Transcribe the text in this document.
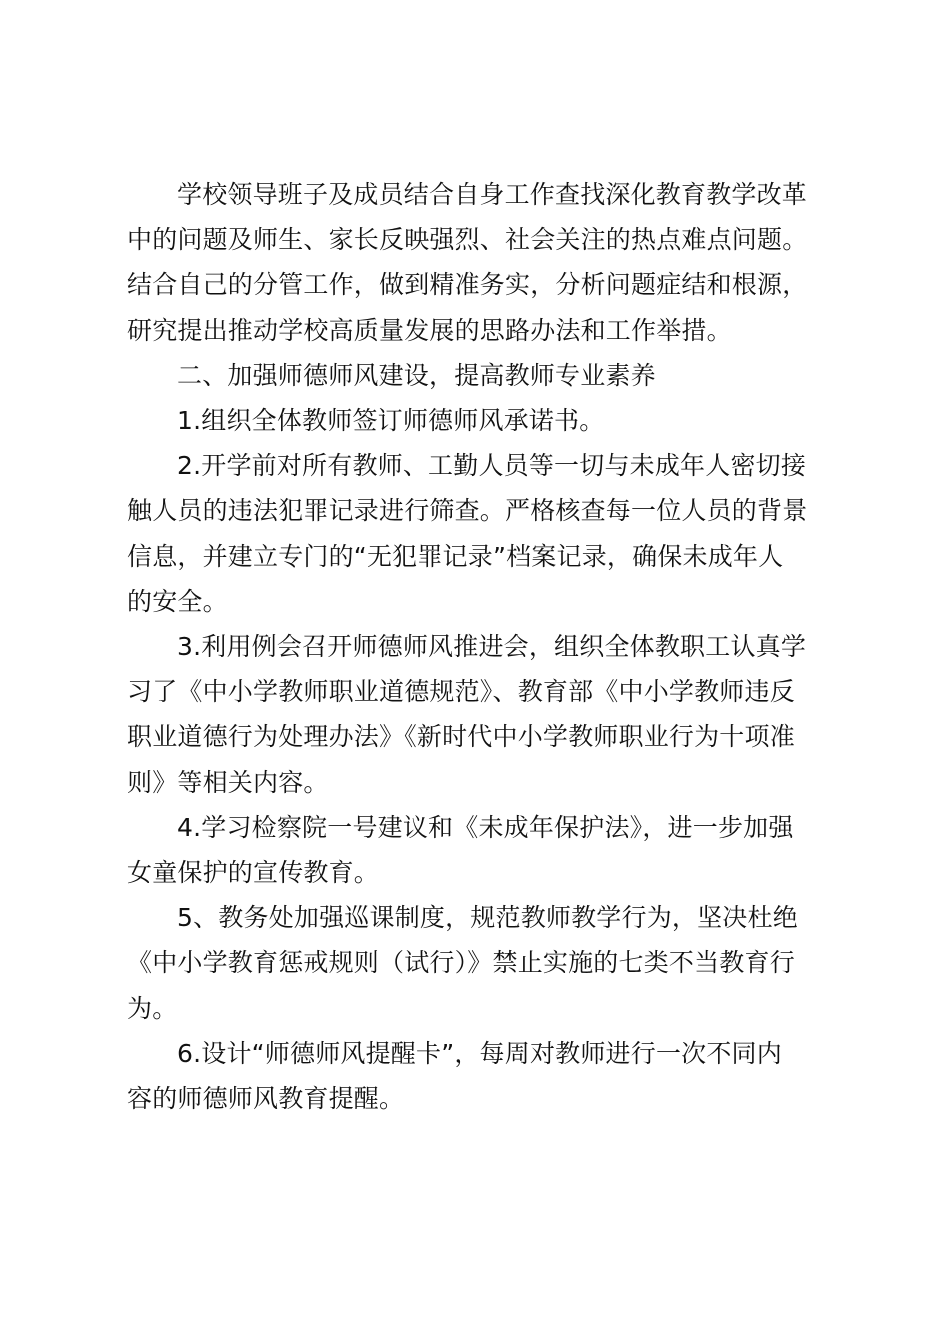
学校领导班子及成员结合自身工作查找深化教育教学改革
中的问题及师生、家长反映强烈、社会关注的热点难点问题。
结合自己的分管工作，做到精准务实，分析问题症结和根源，
研究提出推动学校高质量发展的思路办法和工作举措。
二、加强师德师风建设，提高教师专业素养
1.组织全体教师签订师德师风承诺书。
2.开学前对所有教师、工勤人员等一切与未成年人密切接
触人员的违法犯罪记录进行筛查。严格核查每一位人员的背景
信息，并建立专门的“无犯罪记录”档案记录，确保未成年人
的安全。
3.利用例会召开师德师风推进会，组织全体教职工认真学
习了《中小学教师职业道德规范》、教育部《中小学教师违反
职业道德行为处理办法》《新时代中小学教师职业行为十项准
则》等相关内容。
4.学习检察院一号建议和《未成年保护法》，进一步加强
女童保护的宣传教育。
5、教务处加强巡课制度，规范教师教学行为，坚决杜绝
《中小学教育惩戒规则（试行）》禁止实施的七类不当教育行
为。
6.设计“师德师风提醒卡”，每周对教师进行一次不同内
容的师德师风教育提醒。
